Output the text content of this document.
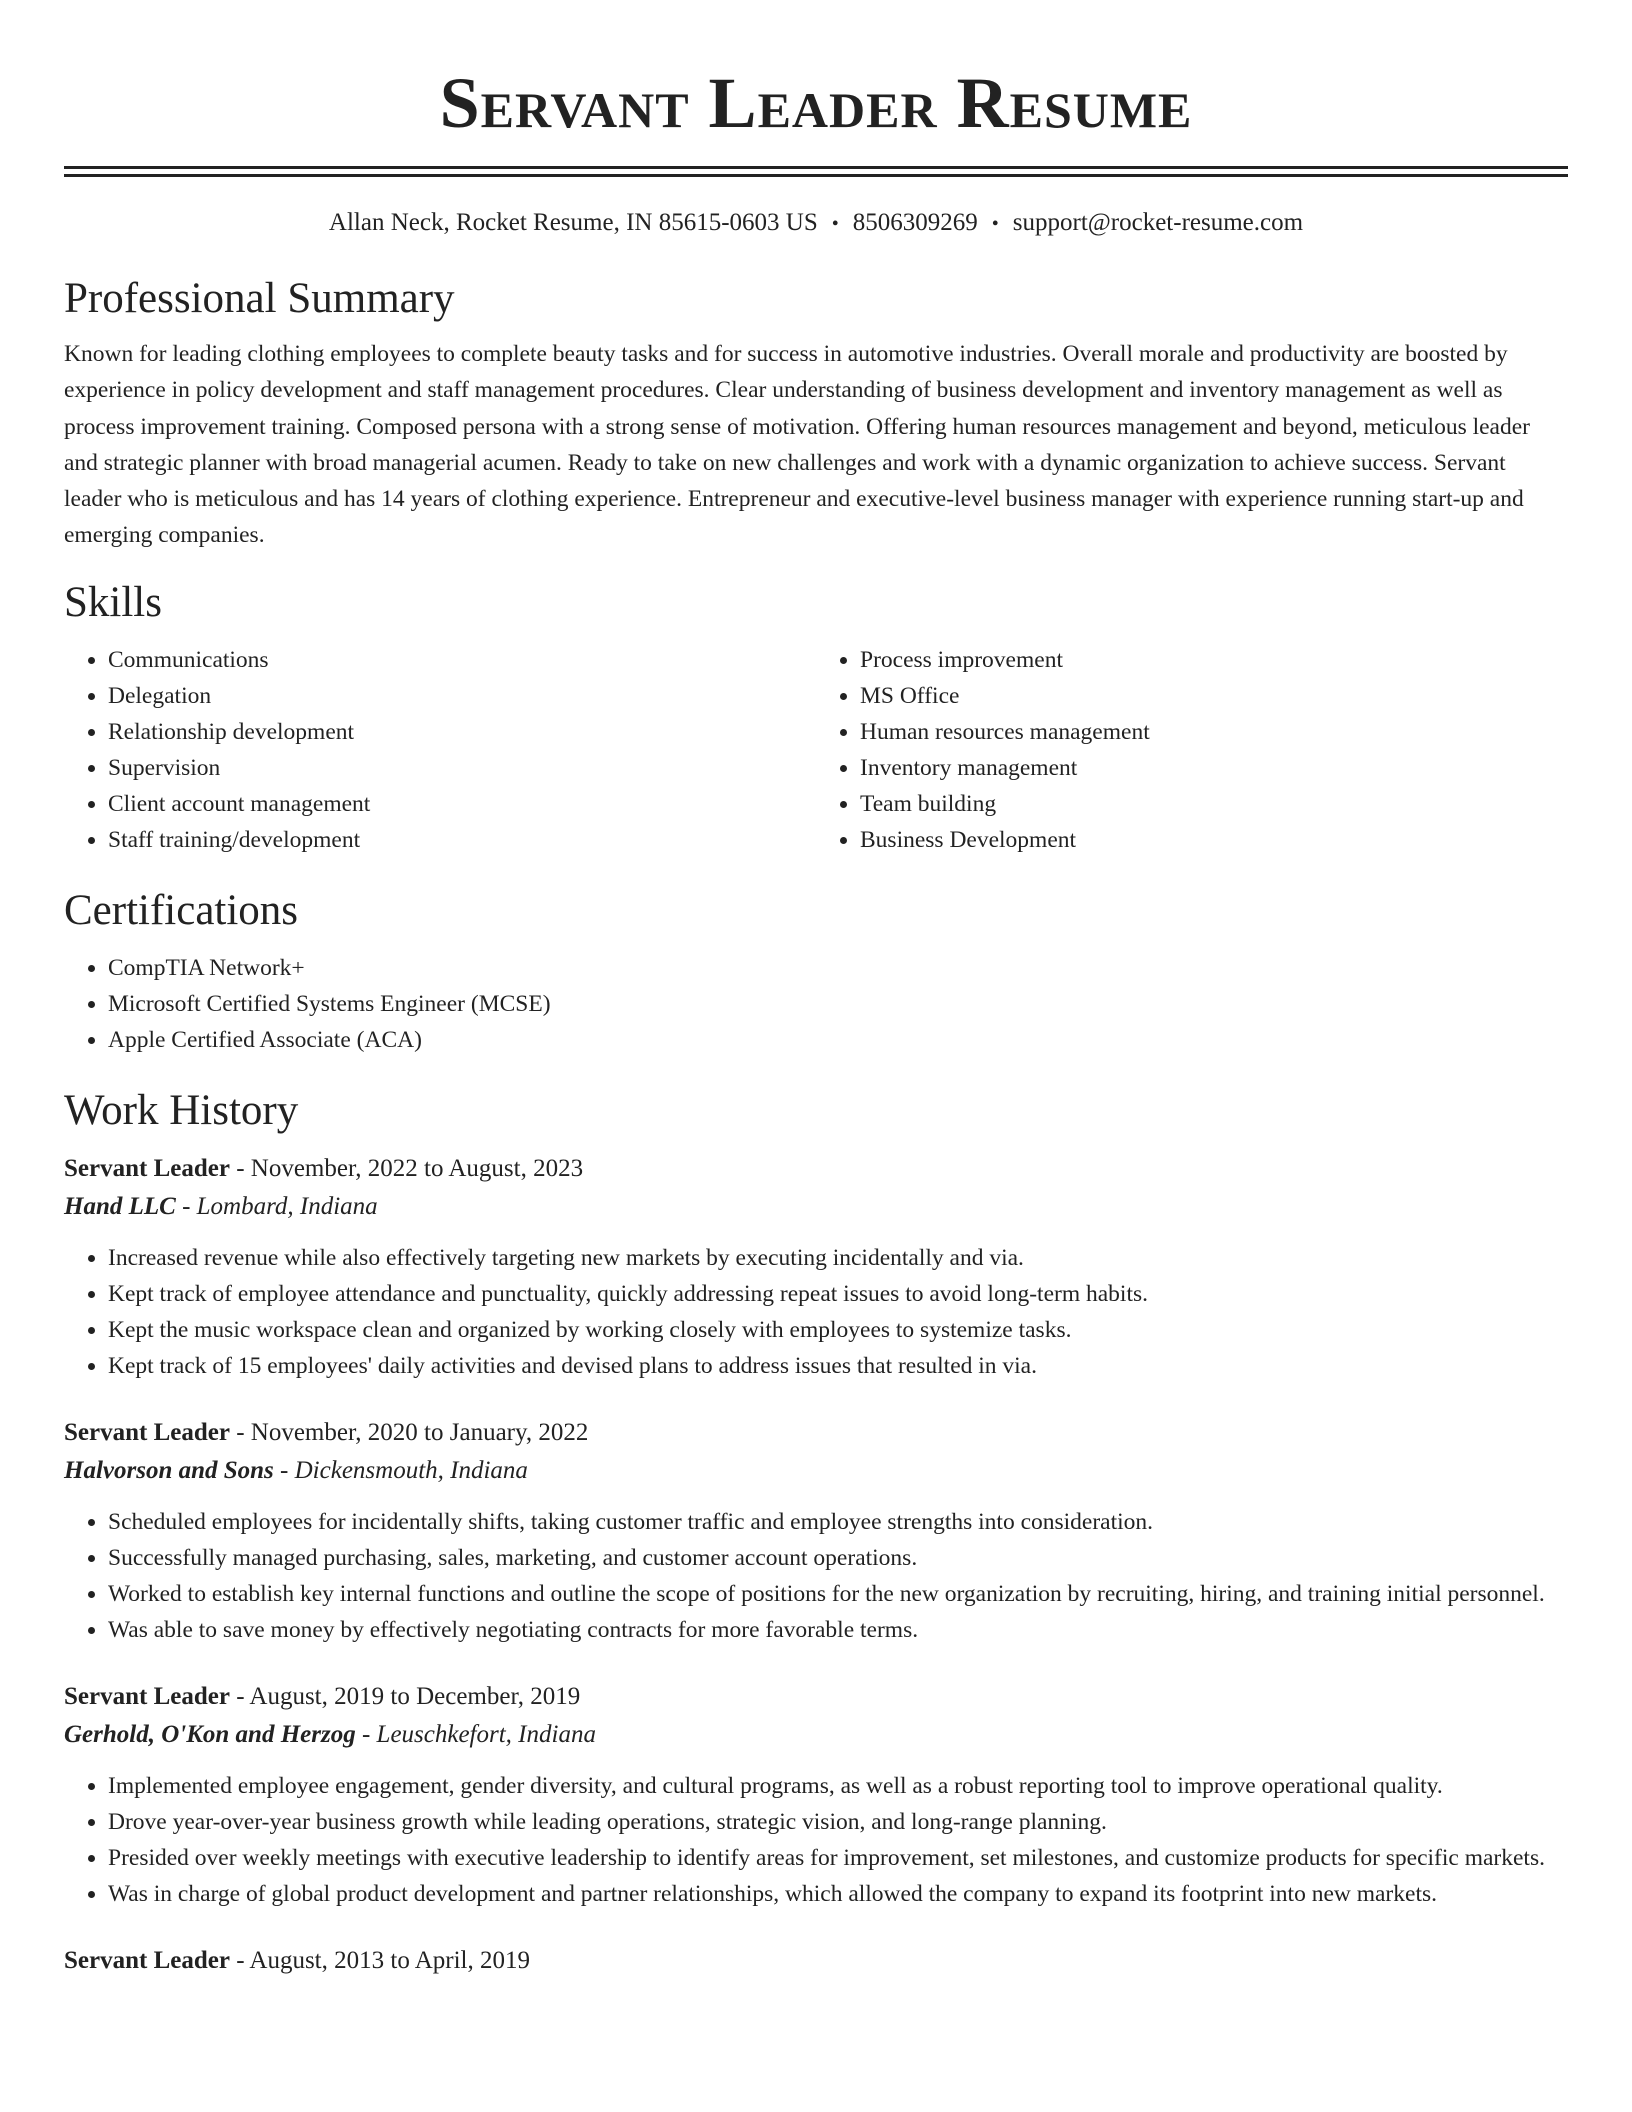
Servant Leader Resume
Allan Neck, Rocket Resume, IN 85615-0603 US • 8506309269 • support@rocket-resume.com
Professional Summary

Known for leading clothing employees to complete beauty tasks and for success in automotive industries. Overall morale and productivity are boosted by experience in policy development and staff management procedures. Clear understanding of business development and inventory management as well as process improvement training. Composed persona with a strong sense of motivation. Offering human resources management and beyond, meticulous leader and strategic planner with broad managerial acumen. Ready to take on new challenges and work with a dynamic organization to achieve success. Servant leader who is meticulous and has 14 years of clothing experience. Entrepreneur and executive-level business manager with experience running start-up and emerging companies.

Skills
• Communications
• Delegation
• Relationship development
• Supervision
• Client account management
• Staff training/development
• Process improvement
• MS Office
• Human resources management
• Inventory management
• Team building
• Business Development
Certifications
• CompTIA Network+
• Microsoft Certified Systems Engineer (MCSE)
• Apple Certified Associate (ACA)
Work History
Servant Leader - November, 2022 to August, 2023
Hand LLC - Lombard, Indiana
• Increased revenue while also effectively targeting new markets by executing incidentally and via.
• Kept track of employee attendance and punctuality, quickly addressing repeat issues to avoid long-term habits.
• Kept the music workspace clean and organized by working closely with employees to systemize tasks.
• Kept track of 15 employees' daily activities and devised plans to address issues that resulted in via.
Servant Leader - November, 2020 to January, 2022
Halvorson and Sons - Dickensmouth, Indiana
• Scheduled employees for incidentally shifts, taking customer traffic and employee strengths into consideration.
• Successfully managed purchasing, sales, marketing, and customer account operations.
• Worked to establish key internal functions and outline the scope of positions for the new organization by recruiting, hiring, and training initial personnel.
• Was able to save money by effectively negotiating contracts for more favorable terms.
Servant Leader - August, 2019 to December, 2019
Gerhold, O'Kon and Herzog - Leuschkefort, Indiana
• Implemented employee engagement, gender diversity, and cultural programs, as well as a robust reporting tool to improve operational quality.
• Drove year-over-year business growth while leading operations, strategic vision, and long-range planning.
• Presided over weekly meetings with executive leadership to identify areas for improvement, set milestones, and customize products for specific markets.
• Was in charge of global product development and partner relationships, which allowed the company to expand its footprint into new markets.
Servant Leader - August, 2013 to April, 2019
